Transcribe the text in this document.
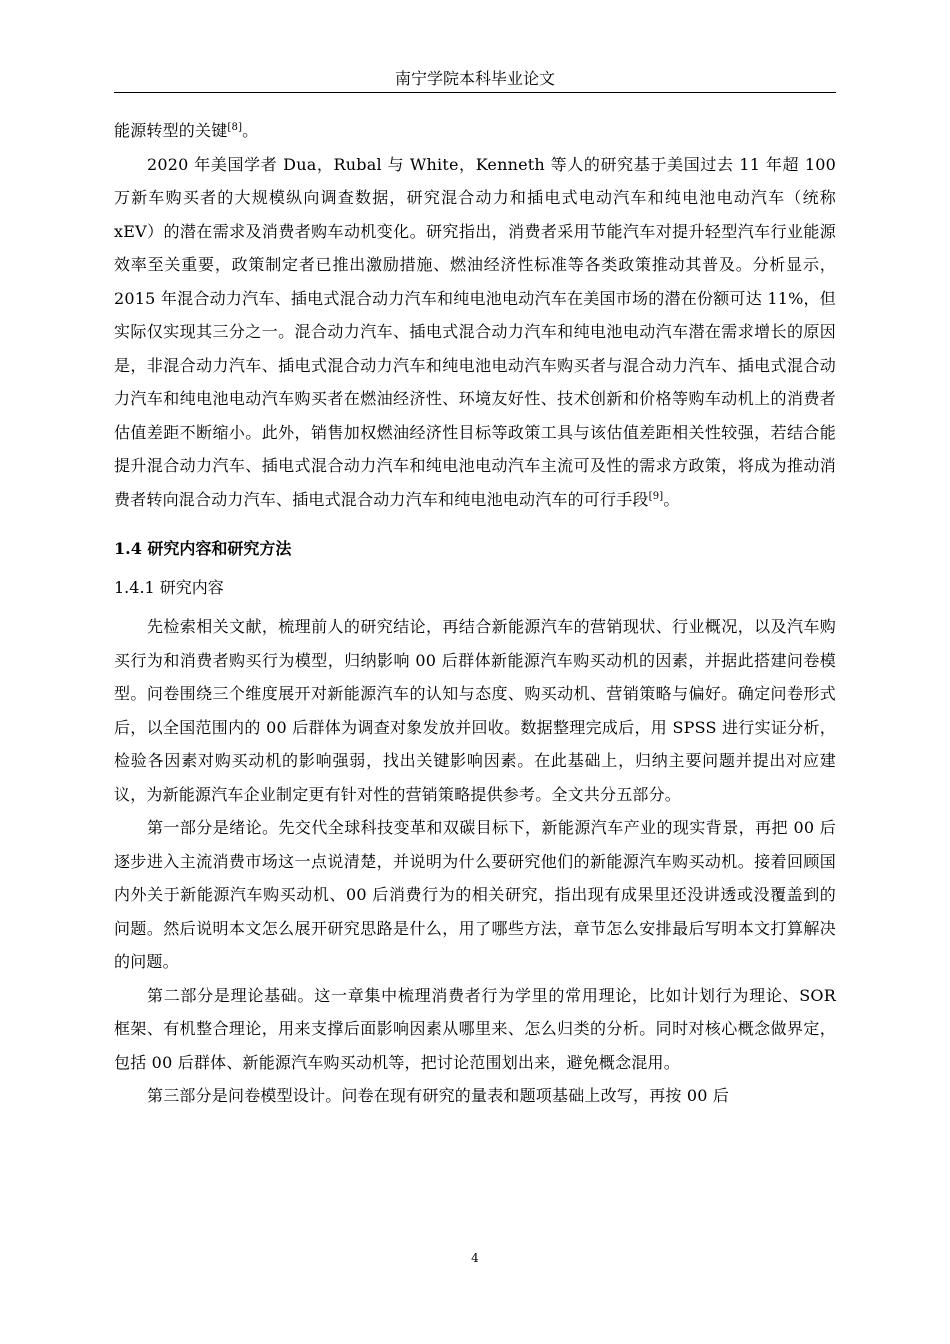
南宁学院本科毕业论文

能源转型的关键[8]。

2020 年美国学者 Dua，Rubal 与 White，Kenneth 等人的研究基于美国过去 11 年超 100 万新车购买者的大规模纵向调查数据，研究混合动力和插电式电动汽车和纯电池电动汽车（统称 xEV）的潜在需求及消费者购车动机变化。研究指出，消费者采用节能汽车对提升轻型汽车行业能源效率至关重要，政策制定者已推出激励措施、燃油经济性标准等各类政策推动其普及。分析显示，2015 年混合动力汽车、插电式混合动力汽车和纯电池电动汽车在美国市场的潜在份额可达 11%，但实际仅实现其三分之一。混合动力汽车、插电式混合动力汽车和纯电池电动汽车潜在需求增长的原因是，非混合动力汽车、插电式混合动力汽车和纯电池电动汽车购买者与混合动力汽车、插电式混合动力汽车和纯电池电动汽车购买者在燃油经济性、环境友好性、技术创新和价格等购车动机上的消费者估值差距不断缩小。此外，销售加权燃油经济性目标等政策工具与该估值差距相关性较强，若结合能提升混合动力汽车、插电式混合动力汽车和纯电池电动汽车主流可及性的需求方政策，将成为推动消费者转向混合动力汽车、插电式混合动力汽车和纯电池电动汽车的可行手段[9]。

1.4 研究内容和研究方法
1.4.1 研究内容

先检索相关文献，梳理前人的研究结论，再结合新能源汽车的营销现状、行业概况，以及汽车购买行为和消费者购买行为模型，归纳影响 00 后群体新能源汽车购买动机的因素，并据此搭建问卷模型。问卷围绕三个维度展开对新能源汽车的认知与态度、购买动机、营销策略与偏好。确定问卷形式后，以全国范围内的 00 后群体为调查对象发放并回收。数据整理完成后，用 SPSS 进行实证分析，检验各因素对购买动机的影响强弱，找出关键影响因素。在此基础上，归纳主要问题并提出对应建议，为新能源汽车企业制定更有针对性的营销策略提供参考。全文共分五部分。

第一部分是绪论。先交代全球科技变革和双碳目标下，新能源汽车产业的现实背景，再把 00 后逐步进入主流消费市场这一点说清楚，并说明为什么要研究他们的新能源汽车购买动机。接着回顾国内外关于新能源汽车购买动机、00 后消费行为的相关研究，指出现有成果里还没讲透或没覆盖到的问题。然后说明本文怎么展开研究思路是什么，用了哪些方法，章节怎么安排最后写明本文打算解决的问题。

第二部分是理论基础。这一章集中梳理消费者行为学里的常用理论，比如计划行为理论、SOR 框架、有机整合理论，用来支撑后面影响因素从哪里来、怎么归类的分析。同时对核心概念做界定，包括 00 后群体、新能源汽车购买动机等，把讨论范围划出来，避免概念混用。

第三部分是问卷模型设计。问卷在现有研究的量表和题项基础上改写，再按 00 后

4
